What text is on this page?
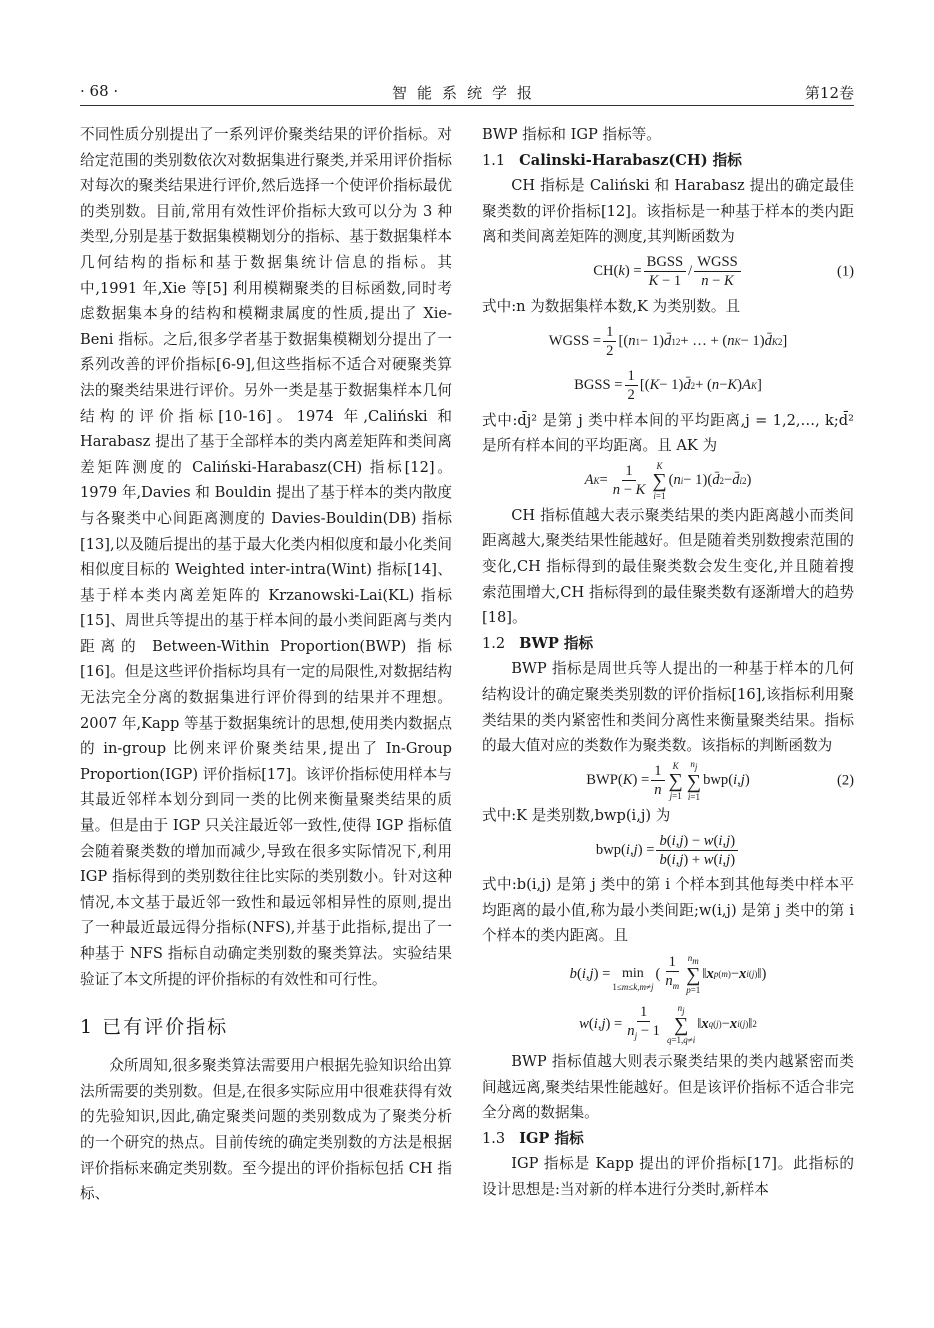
· 68 ·	智能系统学报	第12卷

不同性质分别提出了一系列评价聚类结果的评价指标。对给定范围的类别数依次对数据集进行聚类,并采用评价指标对每次的聚类结果进行评价,然后选择一个使评价指标最优的类别数。目前,常用有效性评价指标大致可以分为 3 种类型,分别是基于数据集模糊划分的指标、基于数据集样本几何结构的指标和基于数据集统计信息的指标。其中,1991 年,Xie 等[5] 利用模糊聚类的目标函数,同时考虑数据集本身的结构和模糊隶属度的性质,提出了 Xie-Beni 指标。之后,很多学者基于数据集模糊划分提出了一系列改善的评价指标[6-9],但这些指标不适合对硬聚类算法的聚类结果进行评价。另外一类是基于数据集样本几何结构的评价指标[10-16]。1974 年,Caliński 和 Harabasz 提出了基于全部样本的类内离差矩阵和类间离差矩阵测度的 Caliński-Harabasz(CH) 指标[12]。1979 年,Davies 和 Bouldin 提出了基于样本的类内散度与各聚类中心间距离测度的 Davies-Bouldin(DB) 指标[13],以及随后提出的基于最大化类内相似度和最小化类间相似度目标的 Weighted inter-intra(Wint) 指标[14]、基于样本类内离差矩阵的 Krzanowski-Lai(KL) 指标[15]、周世兵等提出的基于样本间的最小类间距离与类内距离的 Between-Within Proportion(BWP) 指标[16]。但是这些评价指标均具有一定的局限性,对数据结构无法完全分离的数据集进行评价得到的结果并不理想。2007 年,Kapp 等基于数据集统计的思想,使用类内数据点的 in-group 比例来评价聚类结果,提出了 In-Group Proportion(IGP) 评价指标[17]。该评价指标使用样本与其最近邻样本划分到同一类的比例来衡量聚类结果的质量。但是由于 IGP 只关注最近邻一致性,使得 IGP 指标值会随着聚类数的增加而减少,导致在很多实际情况下,利用 IGP 指标得到的类别数往往比实际的类别数小。针对这种情况,本文基于最近邻一致性和最远邻相异性的原则,提出了一种最近最远得分指标(NFS),并基于此指标,提出了一种基于 NFS 指标自动确定类别数的聚类算法。实验结果验证了本文所提的评价指标的有效性和可行性。

1 已有评价指标

众所周知,很多聚类算法需要用户根据先验知识给出算法所需要的类别数。但是,在很多实际应用中很难获得有效的先验知识,因此,确定聚类问题的类别数成为了聚类分析的一个研究的热点。目前传统的确定类别数的方法是根据评价指标来确定类别数。至今提出的评价指标包括 CH 指标、

BWP 指标和 IGP 指标等。

1.1 Calinski-Harabasz(CH) 指标

CH 指标是 Caliński 和 Harabasz 提出的确定最佳聚类数的评价指标[12]。该指标是一种基于样本的类内距离和类间离差矩阵的测度,其判断函数为

CH( k ) = $\frac{\text{BGSS}}{K - 1} / \frac{\text{WGSS}}{n - K}$	(1)

式中:n 为数据集样本数,K 为类别数。且

WGSS = $\frac{1}{2}$ [( n 1 − 1) d̄ 1 2 + … + ( n K − 1) d̄ K 2 ]
BGSS = $\frac{1}{2}$ [( K − 1) d̄ 2 + ( n − K ) A K ]

式中:d̄j² 是第 j 类中样本间的平均距离,j = 1,2,…, k;d̄² 是所有样本间的平均距离。且 AK 为

A $K = \frac{1}{n - K}$ K
∑
i=1
( n i − 1)( d̄ 2 − d̄ i 2 )

CH 指标值越大表示聚类结果的类内距离越小而类间距离越大,聚类结果性能越好。但是随着类别数搜索范围的变化,CH 指标得到的最佳聚类数会发生变化,并且随着搜索范围增大,CH 指标得到的最佳聚类数有逐渐增大的趋势[18]。

1.2 BWP 指标

BWP 指标是周世兵等人提出的一种基于样本的几何结构设计的确定聚类类别数的评价指标[16],该指标利用聚类结果的类内紧密性和类间分离性来衡量聚类结果。指标的最大值对应的类数作为聚类数。该指标的判断函数为

BWP( K ) = $\frac{1}{n}$ K
∑
j=1
$n_j$
∑
i=1
bwp( i , j )	(2)

式中:K 是类别数,bwp(i,j) 为

bwp( i , j ) = $\frac{b(i,j) - w(i,j)}{b(i,j) + w(i,j)}$

式中:b(i,j) 是第 j 类中的第 i 个样本到其他每类中样本平均距离的最小值,称为最小类间距;w(i,j) 是第 j 类中的第 i 个样本的类内距离。且

b ( i , j ) =
min
1≤m≤k,m≠j
( $\frac{1}{n_m} n_m$
∑
p=1
‖ x p (m) − x i (j) ‖)
w ( i , j ) = $\frac{1}{n_j - 1} n_j$
∑
q=1,q≠i
‖ x q (j) − x i (j) ‖ 2

BWP 指标值越大则表示聚类结果的类内越紧密而类间越远离,聚类结果性能越好。但是该评价指标不适合非完全分离的数据集。

1.3 IGP 指标

IGP 指标是 Kapp 提出的评价指标[17]。此指标的设计思想是:当对新的样本进行分类时,新样本
